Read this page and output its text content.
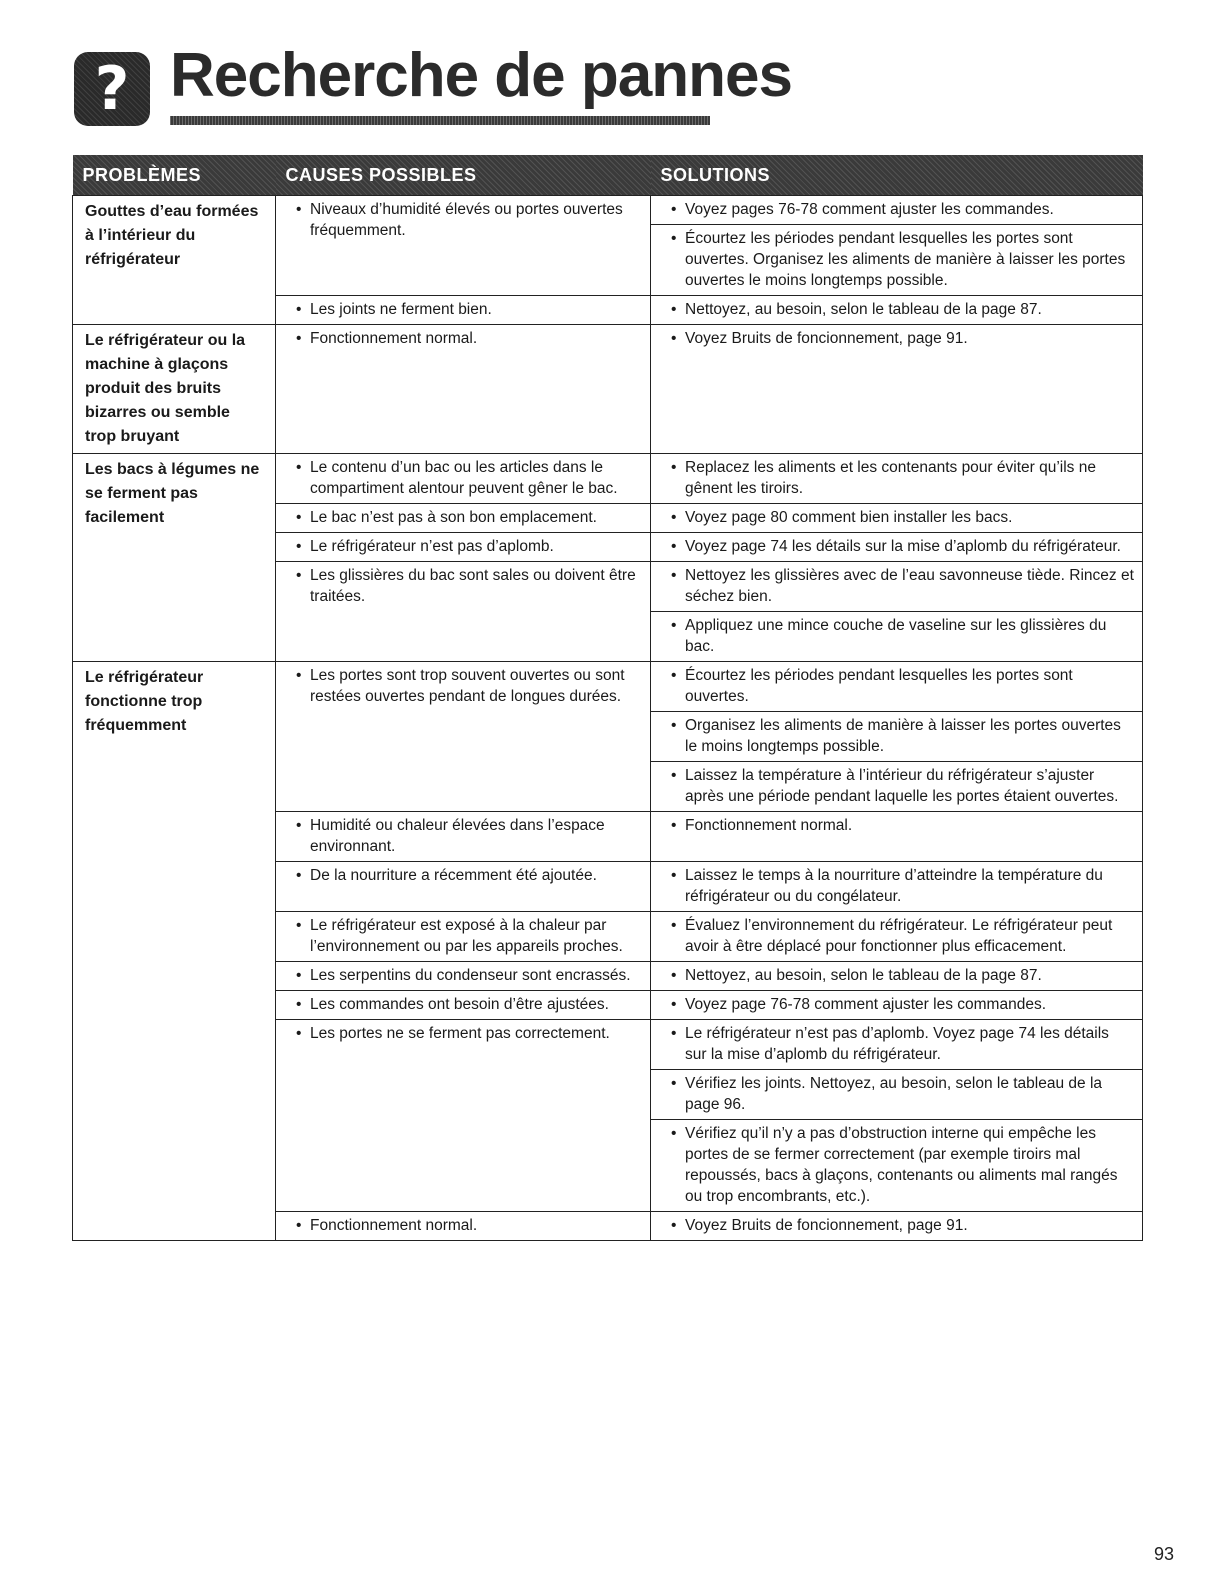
? Recherche de pannes
PROBLÈMES	CAUSES POSSIBLES	SOLUTIONS
Gouttes d’eau formées à l’intérieur du réfrigérateur	• Niveaux d’humidité élevés ou portes ouvertes fréquemment.	• Voyez pages 76-78 comment ajuster les commandes.
		• Écourtez les périodes pendant lesquelles les portes sont ouvertes. Organisez les aliments de manière à laisser les portes ouvertes le moins longtemps possible.
	• Les joints ne ferment bien.	• Nettoyez, au besoin, selon le tableau de la page 87.
Le réfrigérateur ou la machine à glaçons produit des bruits bizarres ou semble trop bruyant	• Fonctionnement normal.	• Voyez Bruits de foncionnement, page 91.
Les bacs à légumes ne se ferment pas facilement	• Le contenu d’un bac ou les articles dans le compartiment alentour peuvent gêner le bac.	• Replacez les aliments et les contenants pour éviter qu’ils ne gênent les tiroirs.
	• Le bac n’est pas à son bon emplacement.	• Voyez page 80 comment bien installer les bacs.
	• Le réfrigérateur n’est pas d’aplomb.	• Voyez page 74 les détails sur la mise d’aplomb du réfrigérateur.
	• Les glissières du bac sont sales ou doivent être traitées.	• Nettoyez les glissières avec de l’eau savonneuse tiède. Rincez et séchez bien.
		• Appliquez une mince couche de vaseline sur les glissières du bac.
Le réfrigérateur fonctionne trop fréquemment	• Les portes sont trop souvent ouvertes ou sont restées ouvertes pendant de longues durées.	• Écourtez les périodes pendant lesquelles les portes sont ouvertes.
		• Organisez les aliments de manière à laisser les portes ouvertes le moins longtemps possible.
		• Laissez la température à l’intérieur du réfrigérateur s’ajuster après une période pendant laquelle les portes étaient ouvertes.
	• Humidité ou chaleur élevées dans l’espace environnant.	• Fonctionnement normal.
	• De la nourriture a récemment été ajoutée.	• Laissez le temps à la nourriture d’atteindre la température du réfrigérateur ou du congélateur.
	• Le réfrigérateur est exposé à la chaleur par l’environnement ou par les appareils proches.	• Évaluez l’environnement du réfrigérateur. Le réfrigérateur peut avoir à être déplacé pour fonctionner plus efficacement.
	• Les serpentins du condenseur sont encrassés.	• Nettoyez, au besoin, selon le tableau de la page 87.
	• Les commandes ont besoin d’être ajustées.	• Voyez page 76-78 comment ajuster les commandes.
	• Les portes ne se ferment pas correctement.	• Le réfrigérateur n’est pas d’aplomb. Voyez page 74 les détails sur la mise d’aplomb du réfrigérateur.
		• Vérifiez les joints. Nettoyez, au besoin, selon le tableau de la page 96.
		• Vérifiez qu’il n’y a pas d’obstruction interne qui empêche les portes de se fermer correctement (par exemple tiroirs mal repoussés, bacs à glaçons, contenants ou aliments mal rangés ou trop encombrants, etc.).
	• Fonctionnement normal.	• Voyez Bruits de foncionnement, page 91.
93
